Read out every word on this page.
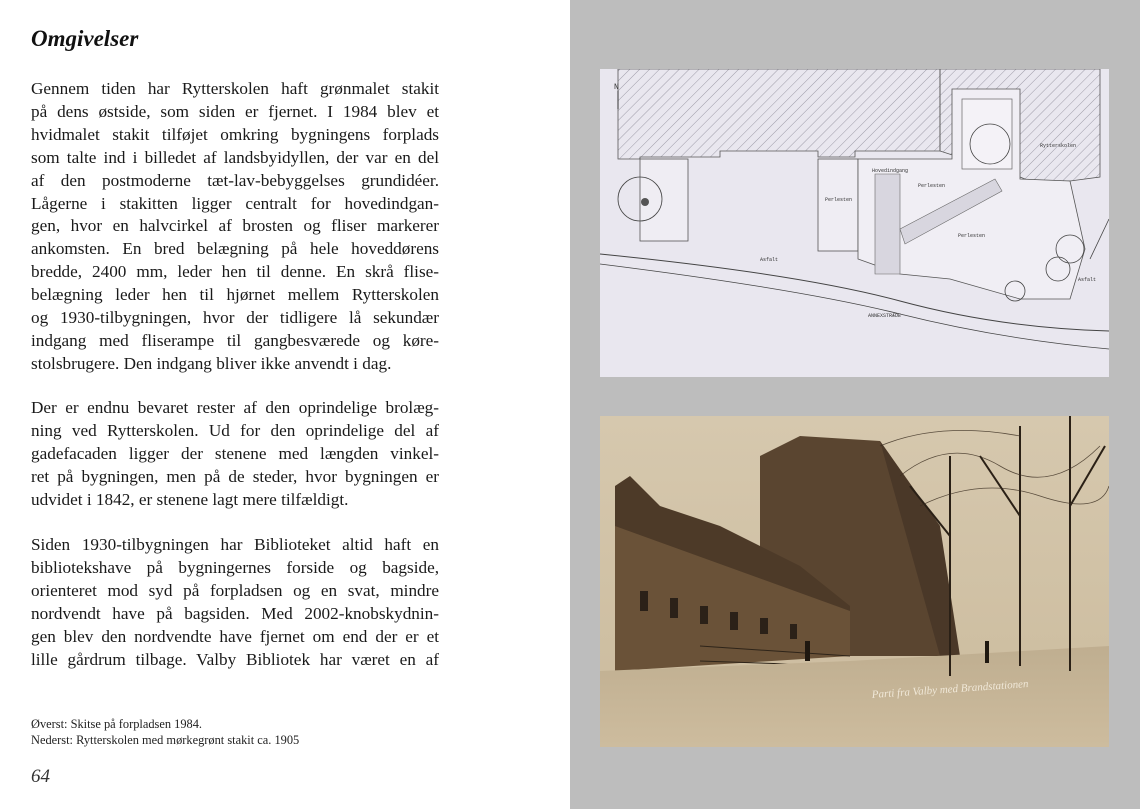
Omgivelser

Gennem tiden har Rytterskolen haft grønmalet stakit
på dens østside, som siden er fjernet. I 1984 blev et
hvidmalet stakit tilføjet omkring bygningens forplads
som talte ind i billedet af landsbyidyllen, der var en del
af den postmoderne tæt-lav-bebyggelses grundidéer.
Lågerne i stakitten ligger centralt for hovedindgan-
gen, hvor en halvcirkel af brosten og fliser markerer
ankomsten. En bred belægning på hele hoveddørens
bredde, 2400 mm, leder hen til denne. En skrå flise-
belægning leder hen til hjørnet mellem Rytterskolen
og 1930-tilbygningen, hvor der tidligere lå sekundær
indgang med fliserampe til gangbesværede og køre-
stolsbrugere. Den indgang bliver ikke anvendt i dag.

Der er endnu bevaret rester af den oprindelige brolæg-
ning ved Rytterskolen. Ud for den oprindelige del af
gadefacaden ligger der stenene med længden vinkel-
ret på bygningen, men på de steder, hvor bygningen er
udvidet i 1842, er stenene lagt mere tilfældigt.

Siden 1930-tilbygningen har Biblioteket altid haft en
bibliotekshave på bygningernes forside og bagside,
orienteret mod syd på forpladsen og en svat, mindre
nordvendt have på bagsiden. Med 2002-knobskydnin-
gen blev den nordvendte have fjernet om end der er et
lille gårdrum tilbage. Valby Bibliotek har været en af

Øverst: Skitse på forpladsen 1984.
Nederst: Rytterskolen med mørkegrønt stakit ca. 1905
64
N
Rytterskolen
Hovedindgang
Perlesten
Perlesten
Perlesten
Asfalt
Asfalt
ANNEXSTRÆDE
Parti fra Valby med Brandstationen
